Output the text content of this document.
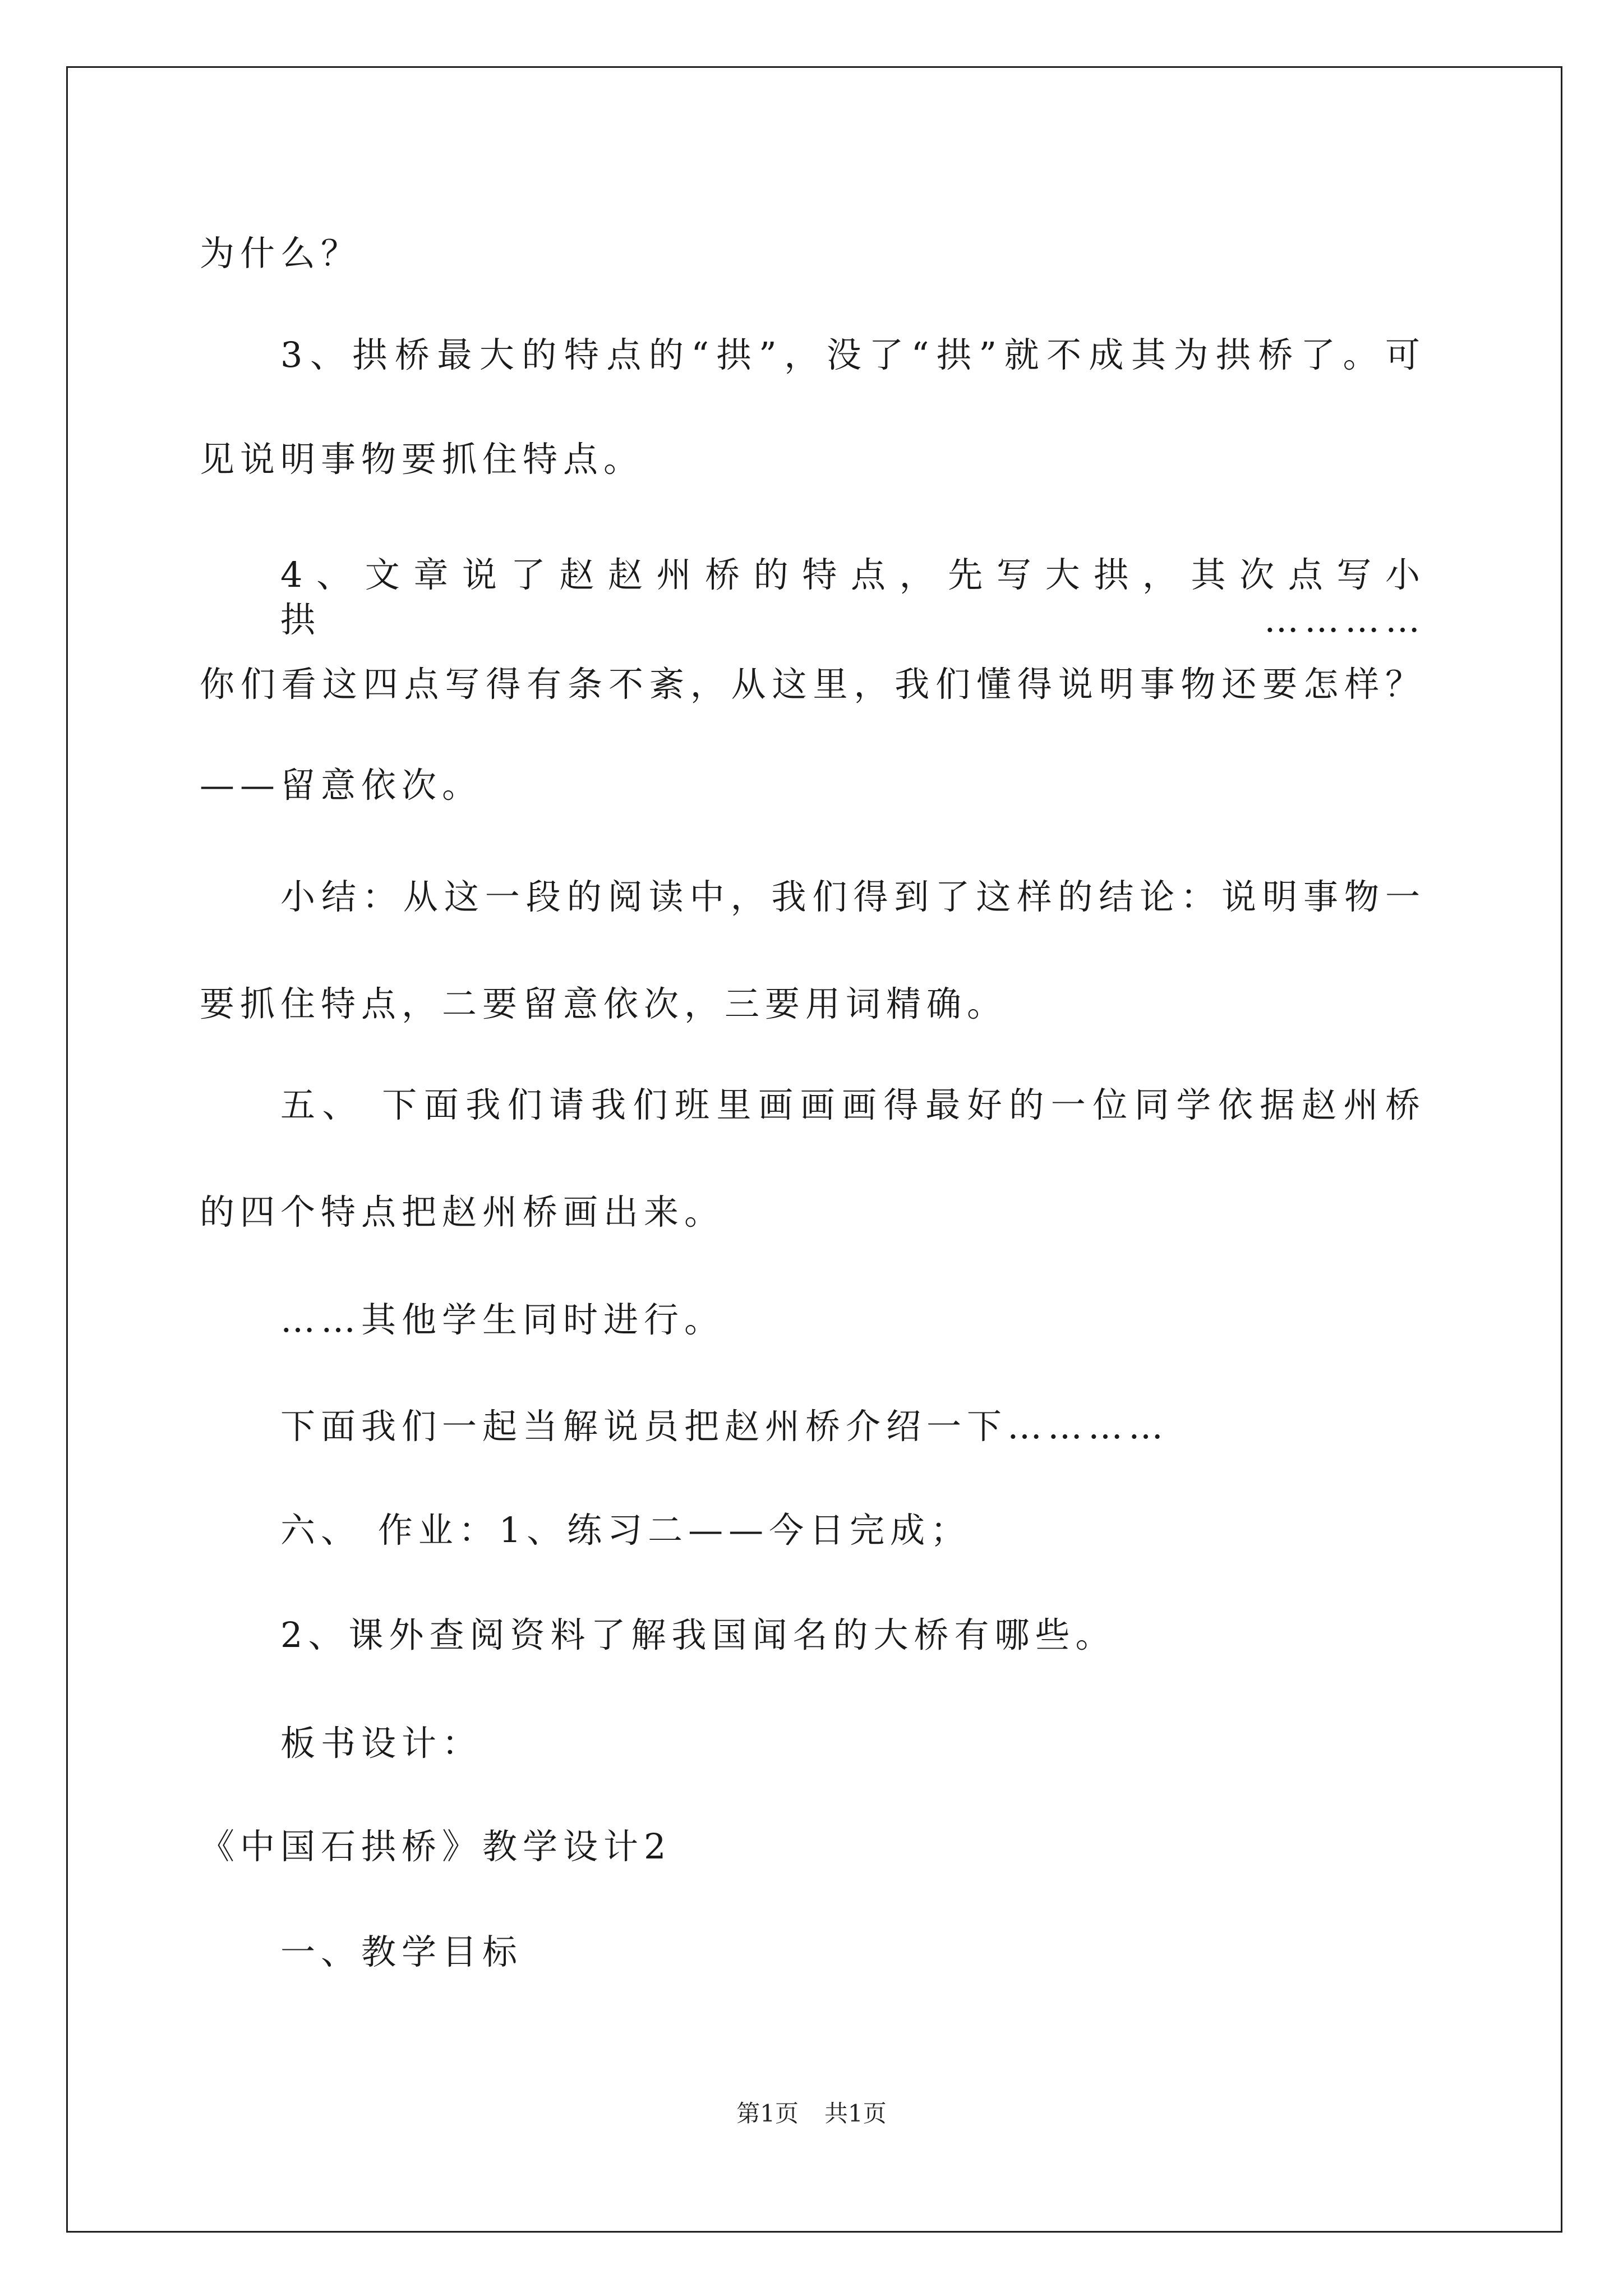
为什么？
3、拱桥最大的特点的“拱”，没了“拱”就不成其为拱桥了。可
见说明事物要抓住特点。
4、文章说了赵赵州桥的特点，先写大拱，其次点写小拱…………
你们看这四点写得有条不紊，从这里，我们懂得说明事物还要怎样？
——留意依次。
小结：从这一段的阅读中，我们得到了这样的结论：说明事物一
要抓住特点，二要留意依次，三要用词精确。
五、 下面我们请我们班里画画画得最好的一位同学依据赵州桥
的四个特点把赵州桥画出来。
……其他学生同时进行。
下面我们一起当解说员把赵州桥介绍一下…………
六、 作业：1、练习二——今日完成；
2、课外查阅资料了解我国闻名的大桥有哪些。
板书设计：
《中国石拱桥》教学设计2
一、教学目标
第1页 共1页
